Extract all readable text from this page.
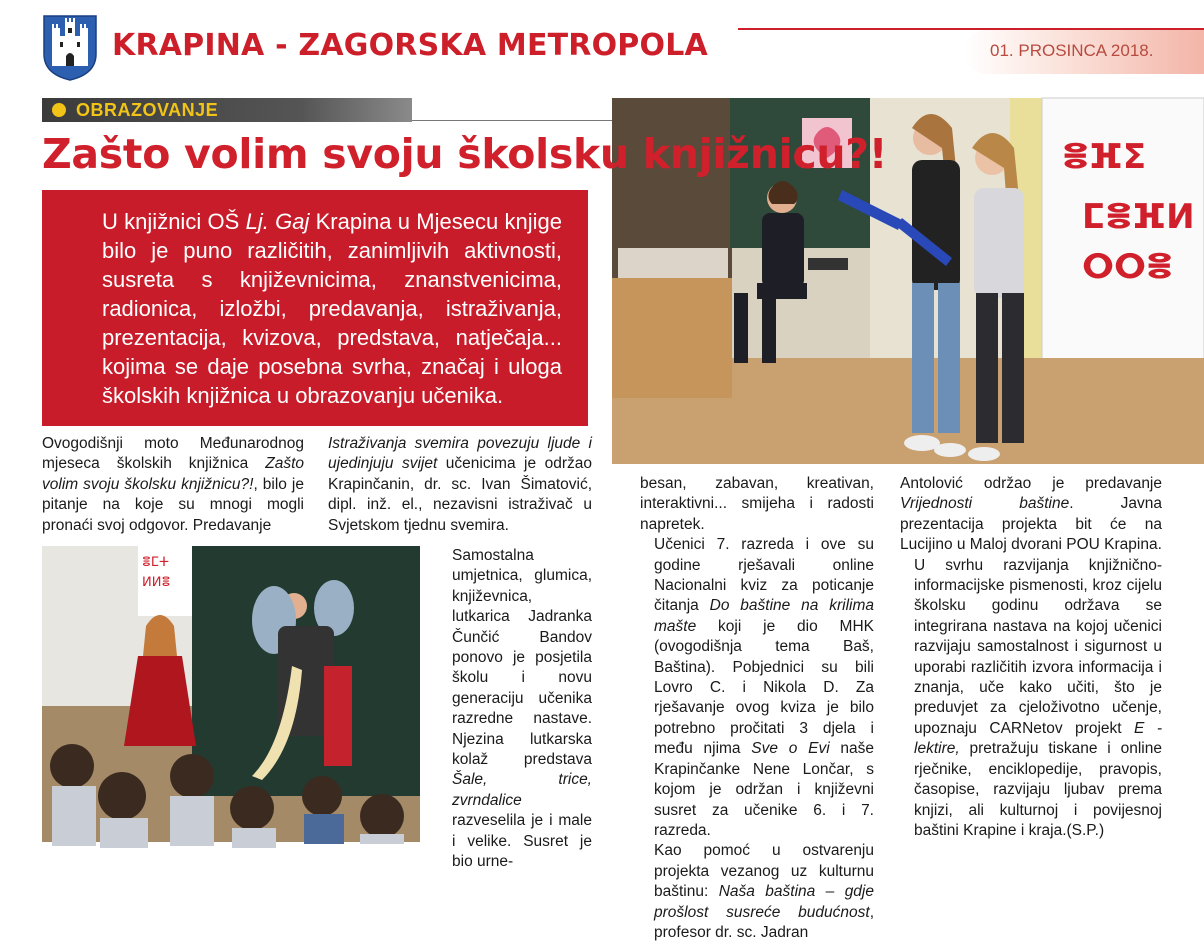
KRAPINA - ZAGORSKA METROPOLA	01. PROSINCA 2018.
OBRAZOVANJE
ⴻⴼⵉ
ⵎⴻⴼⵍ
ⵔⵔⴻ
Zašto volim svoju školsku knjižnicu?!
U knjižnici OŠ Lj. Gaj Krapina u Mjesecu knjige bilo je puno različitih, zanimljivih aktivnosti, susreta s književnicima, znanstvenicima, radionica, izložbi, predavanja, istraživanja, prezentacija, kvizova, predstava, natječaja... kojima se daje posebna svrha, značaj i uloga školskih knjižnica u obrazovanju učenika.

Ovogodišnji moto Međunarodnog mjeseca školskih knjižnica Zašto volim svoju školsku knjižnicu?!, bilo je pitanje na koje su mnogi mogli pronaći svoj odgovor. Predavanje

ⴻⵎⵜ
ⵍⵍⴻ

Istraživanja svemira povezuju ljude i ujedinjuju svijet učenicima je održao Krapinčanin, dr. sc. Ivan Šimatović, dipl. inž. el., nezavisni istraživač u Svjetskom tjednu svemira.

Samostalna umjetnica, glumica, književnica, lutkarica Jadranka Čunčić Bandov ponovo je posjetila školu i novu generaciju učenika razredne nastave. Njezina lutkarska kolaž predstava Šale, trice, zvrndalice razveselila je i male i velike. Susret je bio urne-

besan, zabavan, kreativan, interaktivni... smijeha i radosti napretek.

Učenici 7. razreda i ove su godine rješavali online Nacionalni kviz za poticanje čitanja Do baštine na krilima mašte koji je dio MHK (ovogodišnja tema Baš, Baština). Pobjednici su bili Lovro C. i Nikola D. Za rješavanje ovog kviza je bilo potrebno pročitati 3 djela i među njima Sve o Evi naše Krapinčanke Nene Lončar, s kojom je održan i književni susret za učenike 6. i 7. razreda.

Kao pomoć u ostvarenju projekta vezanog uz kulturnu baštinu: Naša baština – gdje prošlost susreće budućnost, profesor dr. sc. Jadran

Antolović održao je predavanje Vrijednosti baštine. Javna prezentacija projekta bit će na Lucijino u Maloj dvorani POU Krapina.

U svrhu razvijanja knjižnično-informacijske pismenosti, kroz cijelu školsku godinu održava se integrirana nastava na kojoj učenici razvijaju samostalnost i sigurnost u uporabi različitih izvora informacija i znanja, uče kako učiti, što je preduvjet za cjeloživotno učenje, upoznaju CARNetov projekt E - lektire, pretražuju tiskane i online rječnike, enciklopedije, pravopis, časopise, razvijaju ljubav prema knjizi, ali kulturnoj i povijesnoj baštini Krapine i kraja.(S.P.)
